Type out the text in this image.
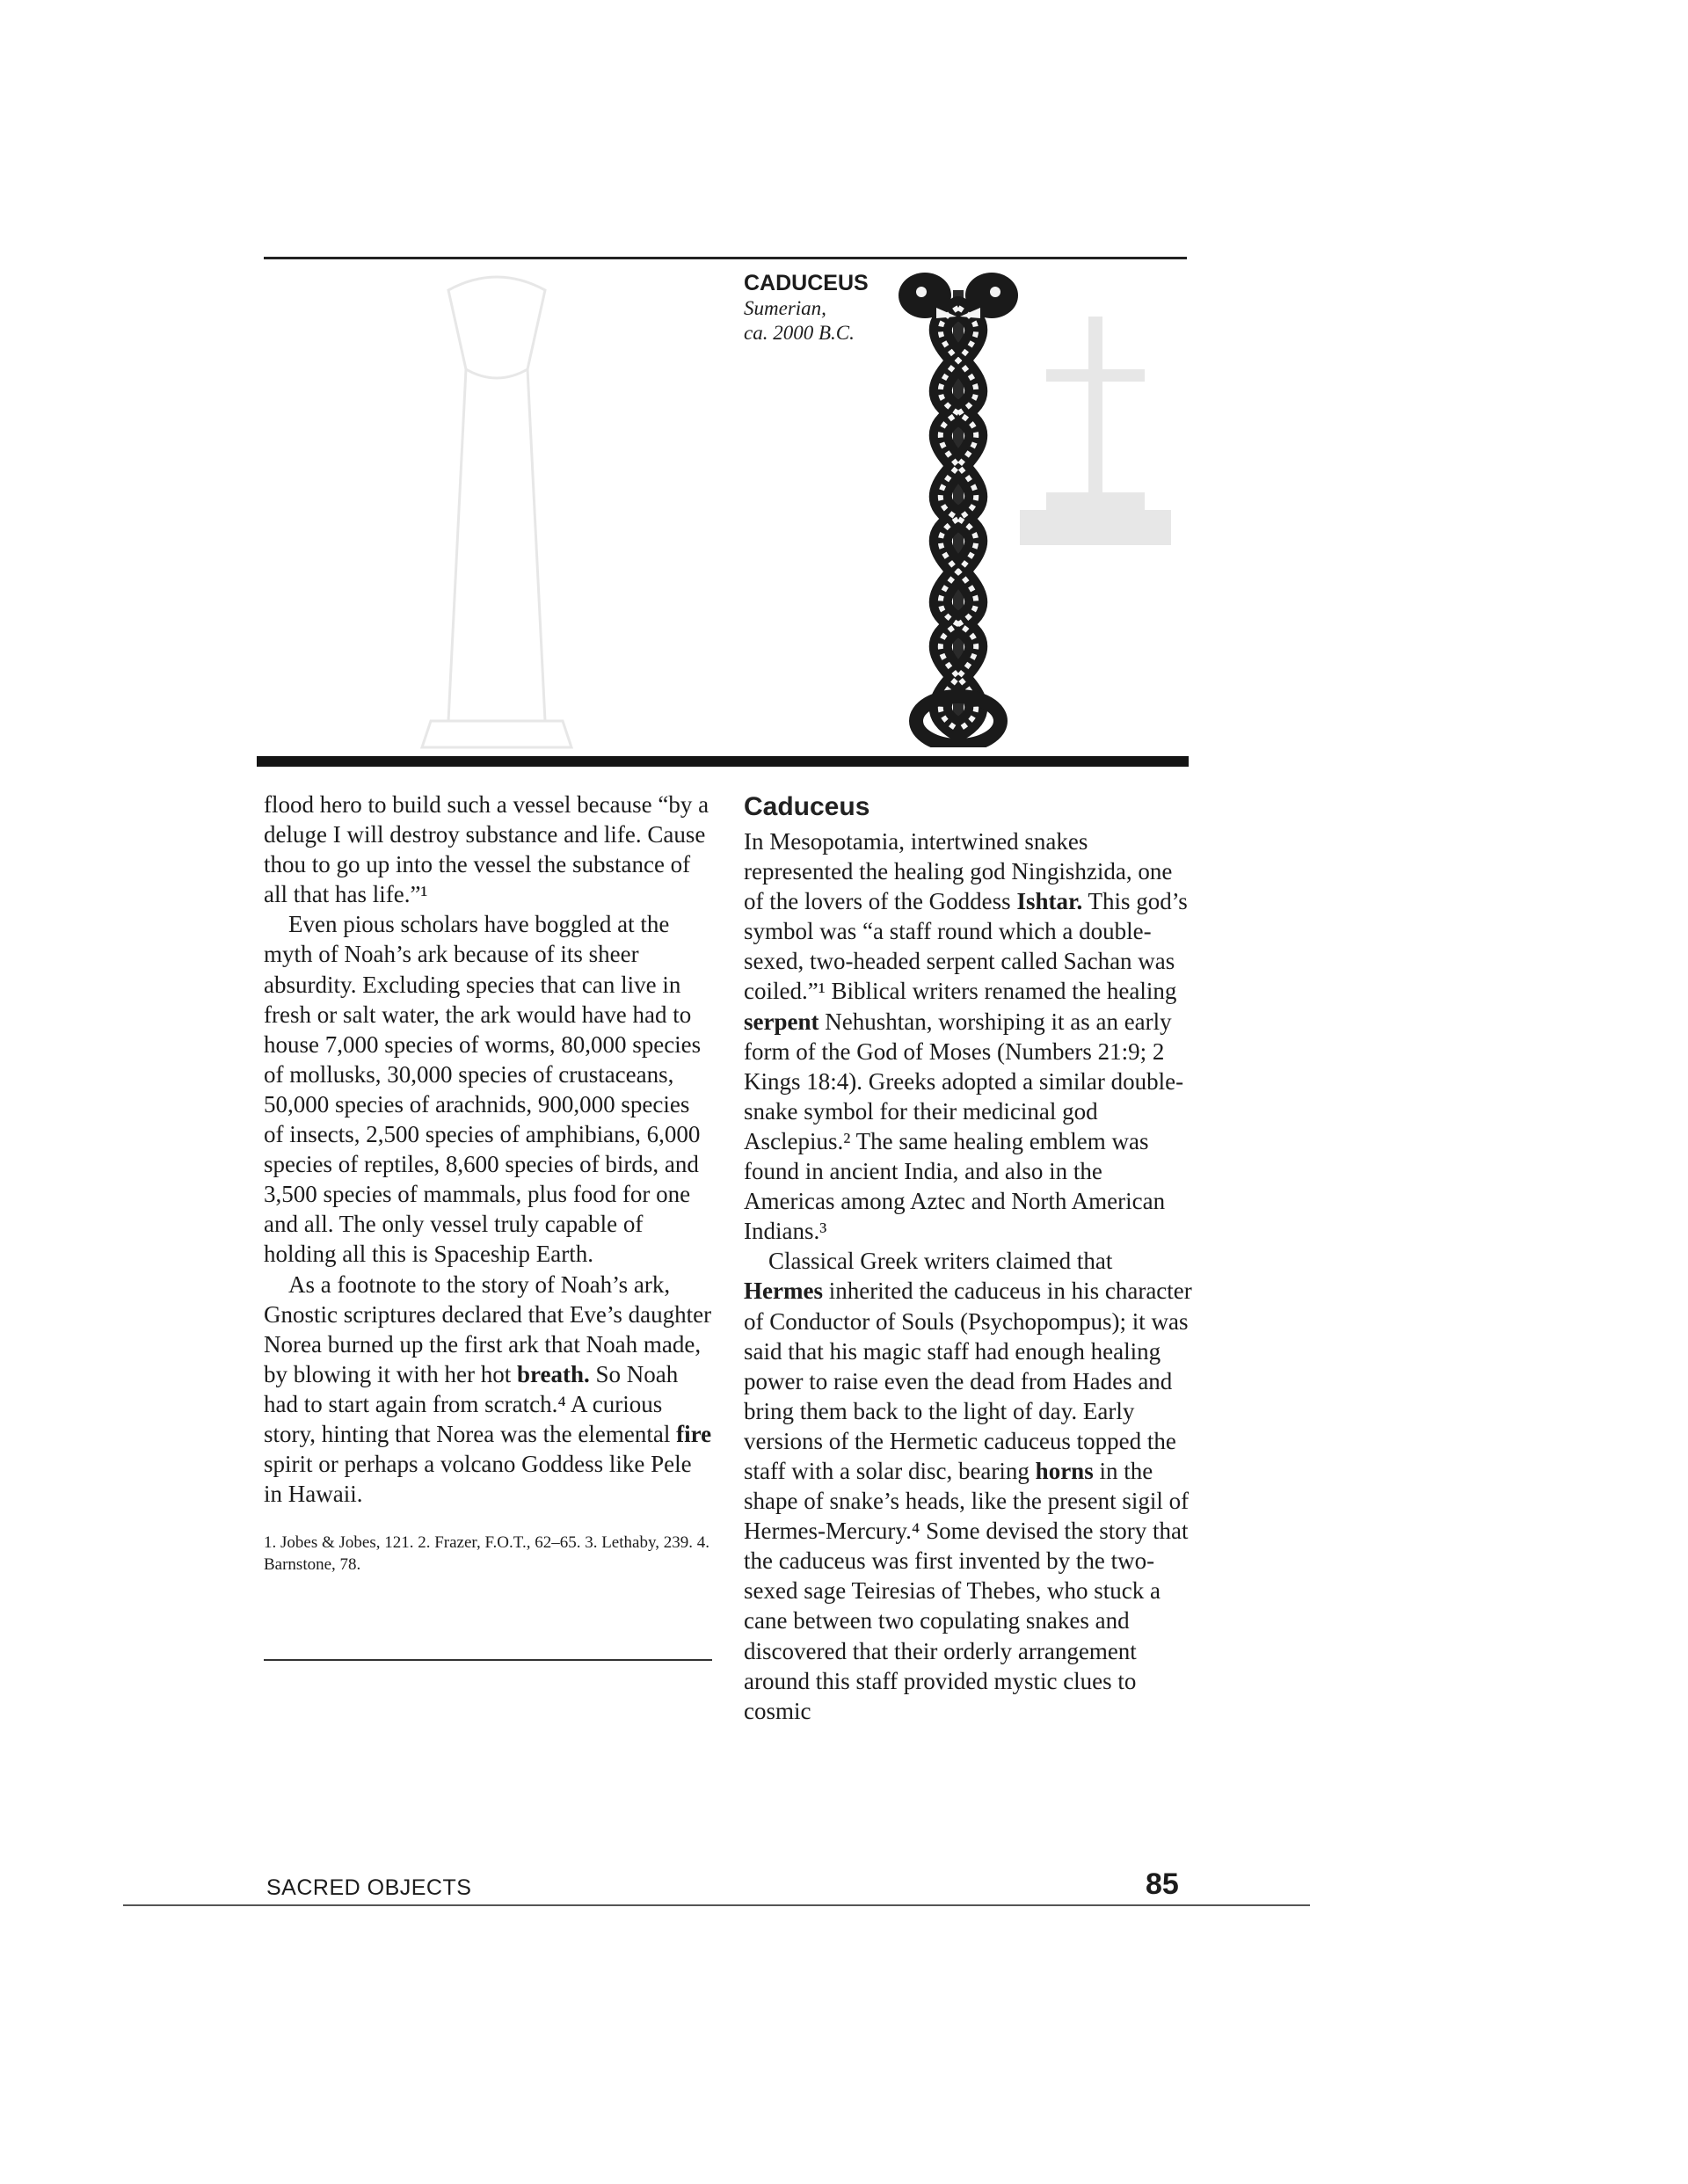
CADUCEUS

Sumerian,

ca. 2000 B.C.

flood hero to build such a vessel because “by a deluge I will destroy substance and life. Cause thou to go up into the vessel the substance of all that has life.”¹

Even pious scholars have boggled at the myth of Noah’s ark because of its sheer absurdity. Excluding species that can live in fresh or salt water, the ark would have had to house 7,000 species of worms, 80,000 species of mollusks, 30,000 species of crustaceans, 50,000 species of arachnids, 900,000 species of insects, 2,500 species of amphibians, 6,000 species of reptiles, 8,600 species of birds, and 3,500 species of mammals, plus food for one and all. The only vessel truly capable of holding all this is Spaceship Earth.

As a footnote to the story of Noah’s ark, Gnostic scriptures declared that Eve’s daughter Norea burned up the first ark that Noah made, by blowing it with her hot breath. So Noah had to start again from scratch.⁴ A curious story, hinting that Norea was the elemental fire spirit or perhaps a volcano Goddess like Pele in Hawaii.

1. Jobes & Jobes, 121. 2. Frazer, F.O.T., 62–65. 3. Lethaby, 239. 4. Barnstone, 78.

Caduceus

In Mesopotamia, intertwined snakes represented the healing god Ningishzida, one of the lovers of the Goddess Ishtar. This god’s symbol was “a staff round which a double-sexed, two-headed serpent called Sachan was coiled.”¹ Biblical writers renamed the healing serpent Nehushtan, worshiping it as an early form of the God of Moses (Numbers 21:9; 2 Kings 18:4). Greeks adopted a similar double-snake symbol for their medicinal god Asclepius.² The same healing emblem was found in ancient India, and also in the Americas among Aztec and North American Indians.³

Classical Greek writers claimed that Hermes inherited the caduceus in his character of Conductor of Souls (Psychopompus); it was said that his magic staff had enough healing power to raise even the dead from Hades and bring them back to the light of day. Early versions of the Hermetic caduceus topped the staff with a solar disc, bearing horns in the shape of snake’s heads, like the present sigil of Hermes-Mercury.⁴ Some devised the story that the caduceus was first invented by the two-sexed sage Teiresias of Thebes, who stuck a cane between two copulating snakes and discovered that their orderly arrangement around this staff provided mystic clues to cosmic

SACRED OBJECTS	85
